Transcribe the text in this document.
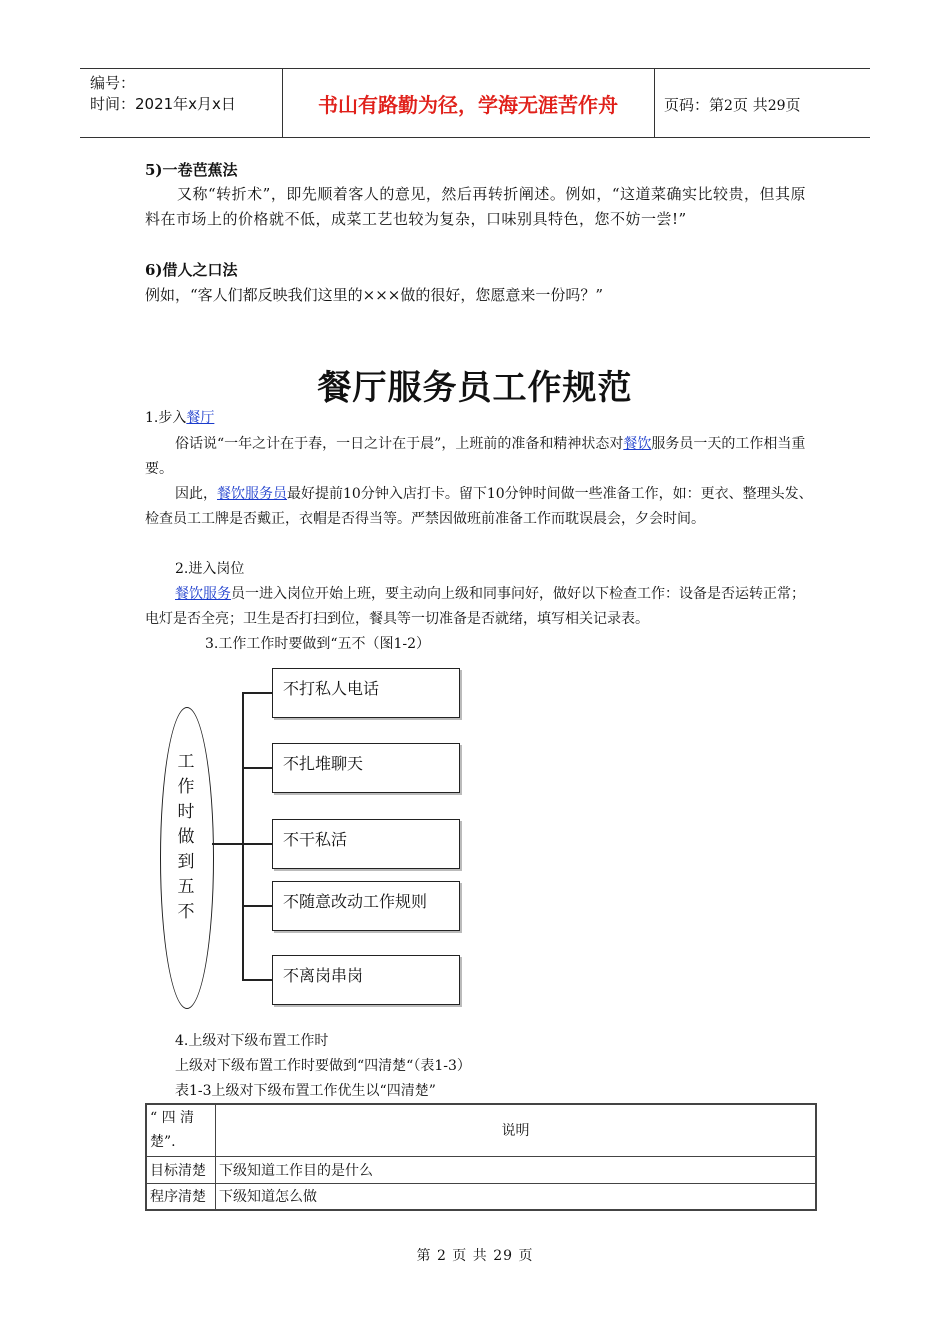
编号：
时间：2021年x月x日	书山有路勤为径，学海无涯苦作舟	页码：第2页 共29页
5)一卷芭蕉法
又称“转折术”，即先顺着客人的意见，然后再转折阐述。例如，“这道菜确实比较贵，但其原料在市场上的价格就不低，成菜工艺也较为复杂，口味别具特色，您不妨一尝!”
6)借人之口法
例如，“客人们都反映我们这里的×××做的很好，您愿意来一份吗？”
餐厅服务员工作规范
1.步入餐厅
俗话说“一年之计在于春，一日之计在于晨”，上班前的准备和精神状态对餐饮服务员一天的工作相当重要。
因此，餐饮服务员最好提前10分钟入店打卡。留下10分钟时间做一些准备工作，如：更衣、整理头发、检查员工工牌是否戴正，衣帽是否得当等。严禁因做班前准备工作而耽误晨会，夕会时间。
2.进入岗位
餐饮服务员一进入岗位开始上班，要主动向上级和同事问好，做好以下检查工作：设备是否运转正常；电灯是否全亮；卫生是否打扫到位，餐具等一切准备是否就绪，填写相关记录表。
3.工作工作时要做到“五不（图1-2）
工
作
时
做
到
五
不
不打私人电话
不扎堆聊天
不干私活
不随意改动工作规则
不离岗串岗
4.上级对下级布置工作时
上级对下级布置工作时要做到“四清楚“（表1-3）
表1-3上级对下级布置工作优生以“四清楚”
“ 四 清 楚”.	说明
目标清楚	下级知道工作目的是什么
程序清楚	下级知道怎么做
第 2 页 共 29 页
